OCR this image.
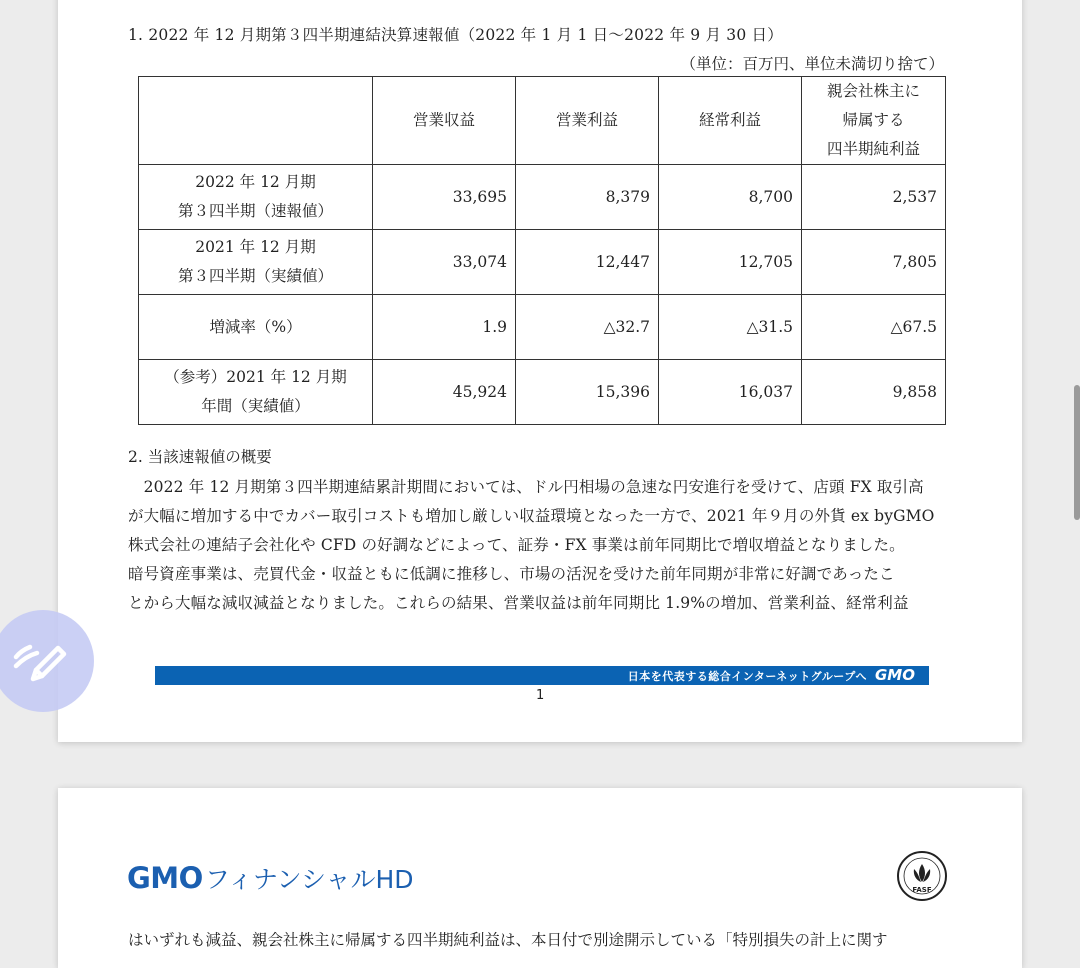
1. 2022 年 12 月期第３四半期連結決算速報値（2022 年 1 月 1 日〜2022 年 9 月 30 日）
（単位：百万円、単位未満切り捨て）
	営業収益	営業利益	経常利益	親会社株主に
帰属する
四半期純利益

2022 年 12 月期
第３四半期（速報値）	33,695	8,379	8,700	2,537

2021 年 12 月期
第３四半期（実績値）	33,074	12,447	12,705	7,805

増減率（%）	1.9	△32.7	△31.5	△67.5

（参考）2021 年 12 月期
年間（実績値）	45,924	15,396	16,037	9,858
2. 当該速報値の概要
　2022 年 12 月期第３四半期連結累計期間においては、ドル円相場の急速な円安進行を受けて、店頭 FX 取引高
が大幅に増加する中でカバー取引コストも増加し厳しい収益環境となった一方で、2021 年９月の外貨 ex byGMO
株式会社の連結子会社化や CFD の好調などによって、証券・FX 事業は前年同期比で増収増益となりました。
暗号資産事業は、売買代金・収益ともに低調に推移し、市場の活況を受けた前年同期が非常に好調であったこ
とから大幅な減収減益となりました。これらの結果、営業収益は前年同期比 1.9%の増加、営業利益、経常利益
日本を代表する総合インターネットグループへ GMO
1
GMOフィナンシャルHD	FASF
はいずれも減益、親会社株主に帰属する四半期純利益は、本日付で別途開示している「特別損失の計上に関す
